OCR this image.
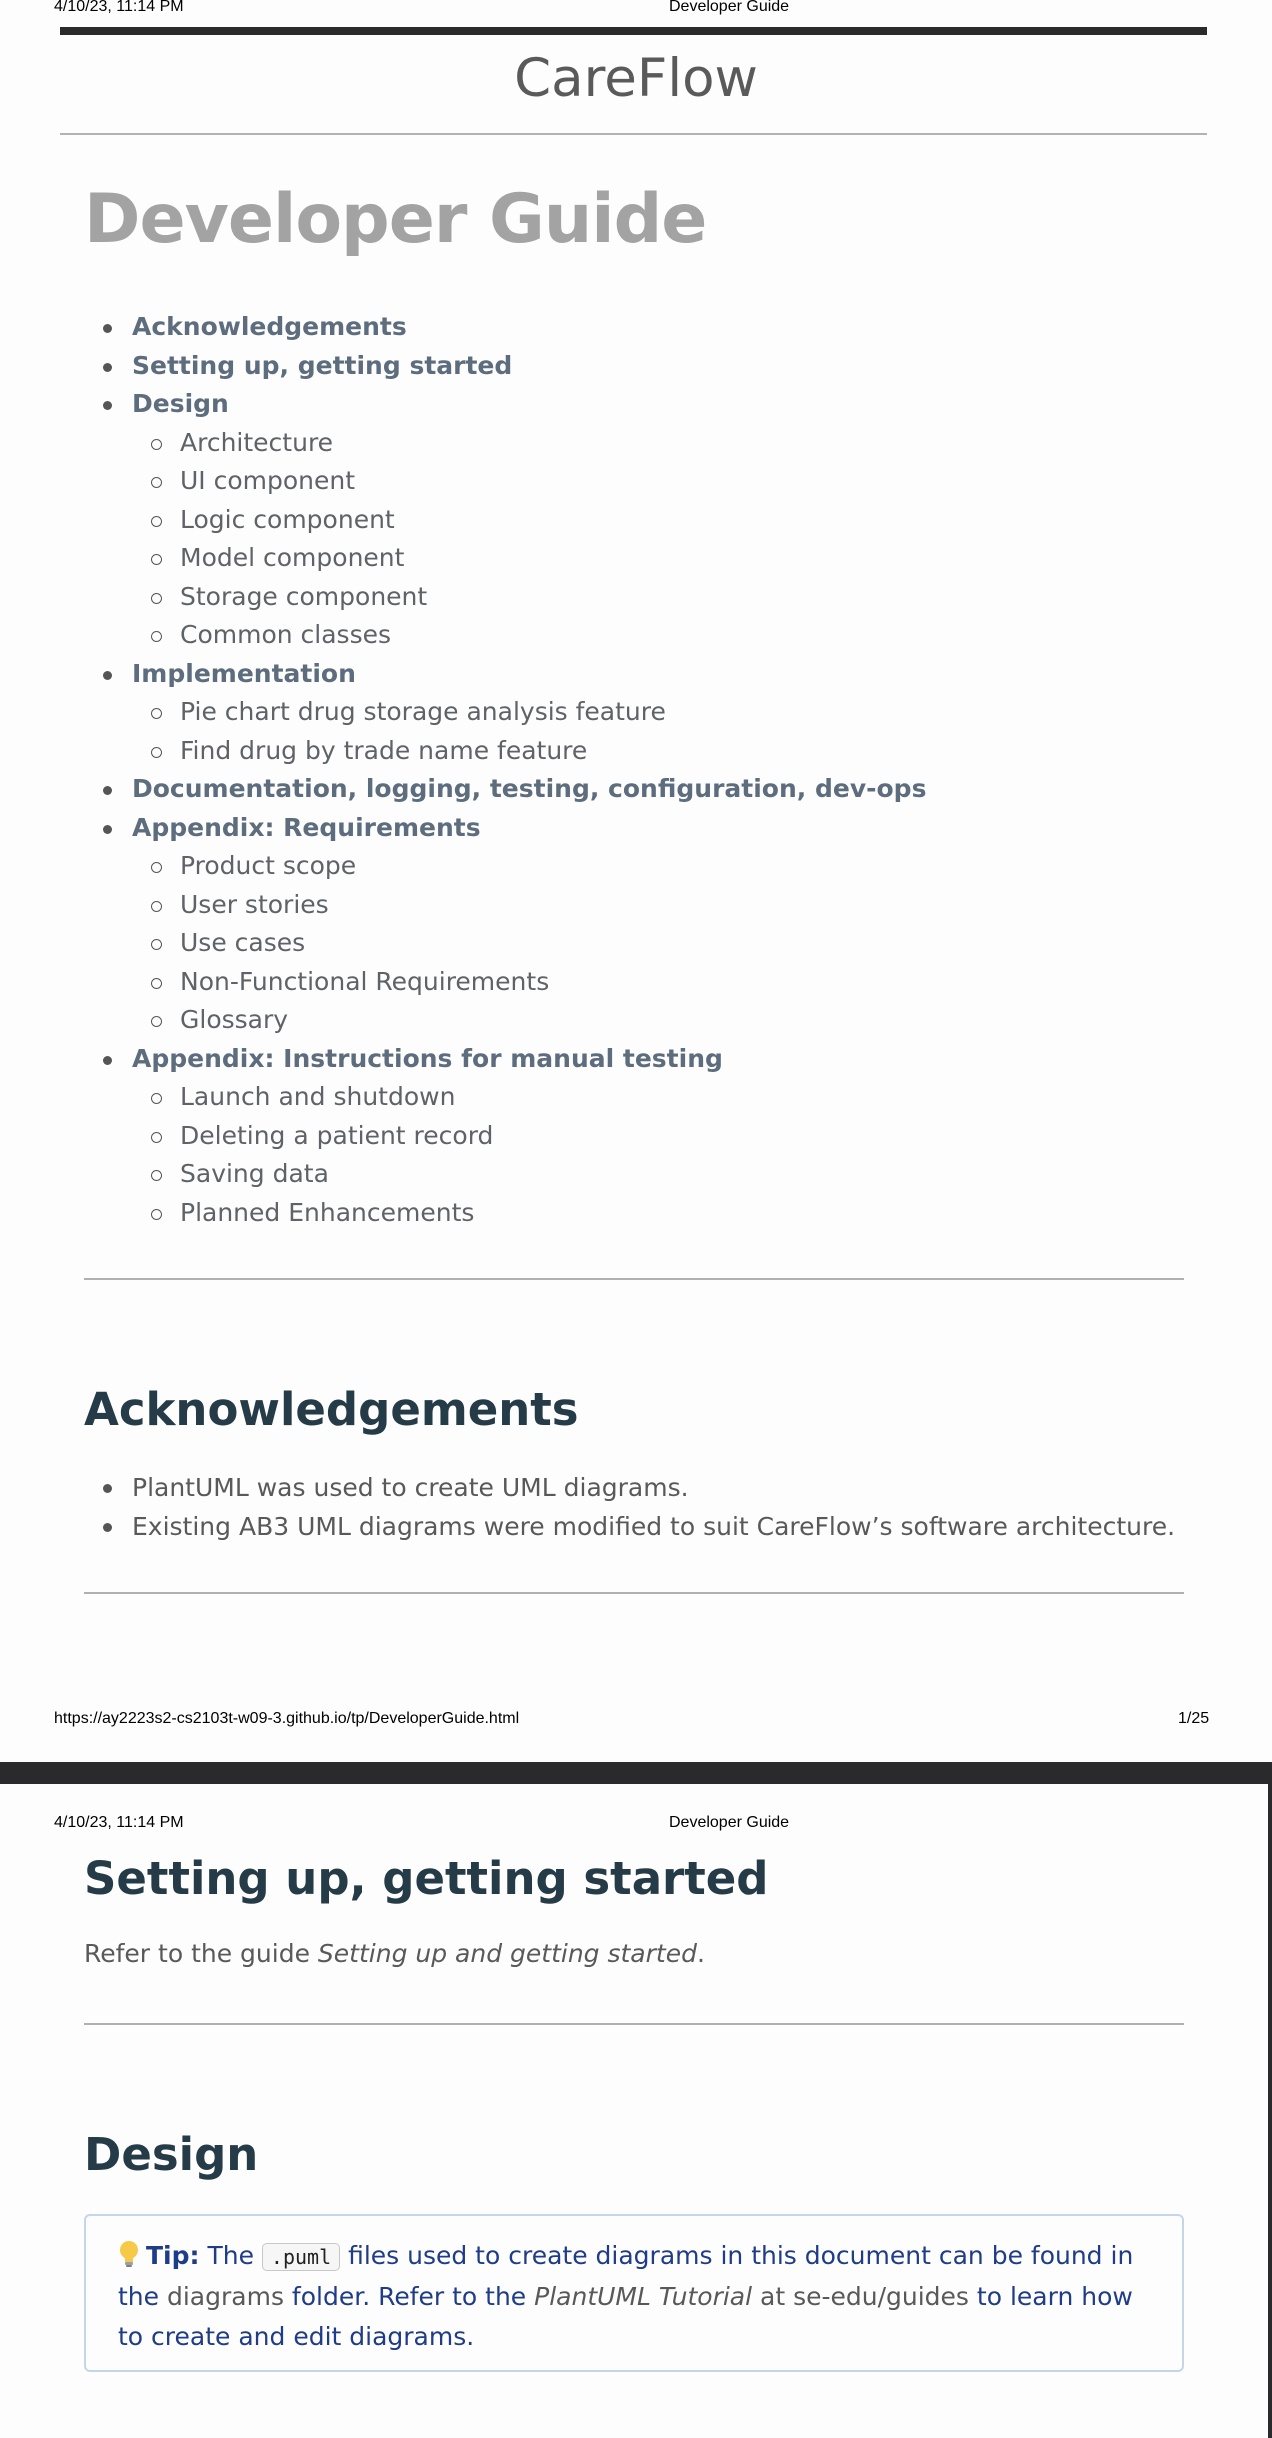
4/10/23, 11:14 PM	Developer Guide
CareFlow
Developer Guide
Acknowledgements
Setting up, getting started
Design
Architecture
UI component
Logic component
Model component
Storage component
Common classes
Implementation
Pie chart drug storage analysis feature
Find drug by trade name feature
Documentation, logging, testing, configuration, dev-ops
Appendix: Requirements
Product scope
User stories
Use cases
Non-Functional Requirements
Glossary
Appendix: Instructions for manual testing
Launch and shutdown
Deleting a patient record
Saving data
Planned Enhancements
Acknowledgements
PlantUML was used to create UML diagrams.
Existing AB3 UML diagrams were modified to suit CareFlow’s software architecture.
https://ay2223s2-cs2103t-w09-3.github.io/tp/DeveloperGuide.html	1/25
4/10/23, 11:14 PM	Developer Guide
Setting up, getting started

Refer to the guide Setting up and getting started.

Design
Tip: The .puml files used to create diagrams in this document can be found in the diagrams folder. Refer to the PlantUML Tutorial at se-edu/guides to learn how to create and edit diagrams.
